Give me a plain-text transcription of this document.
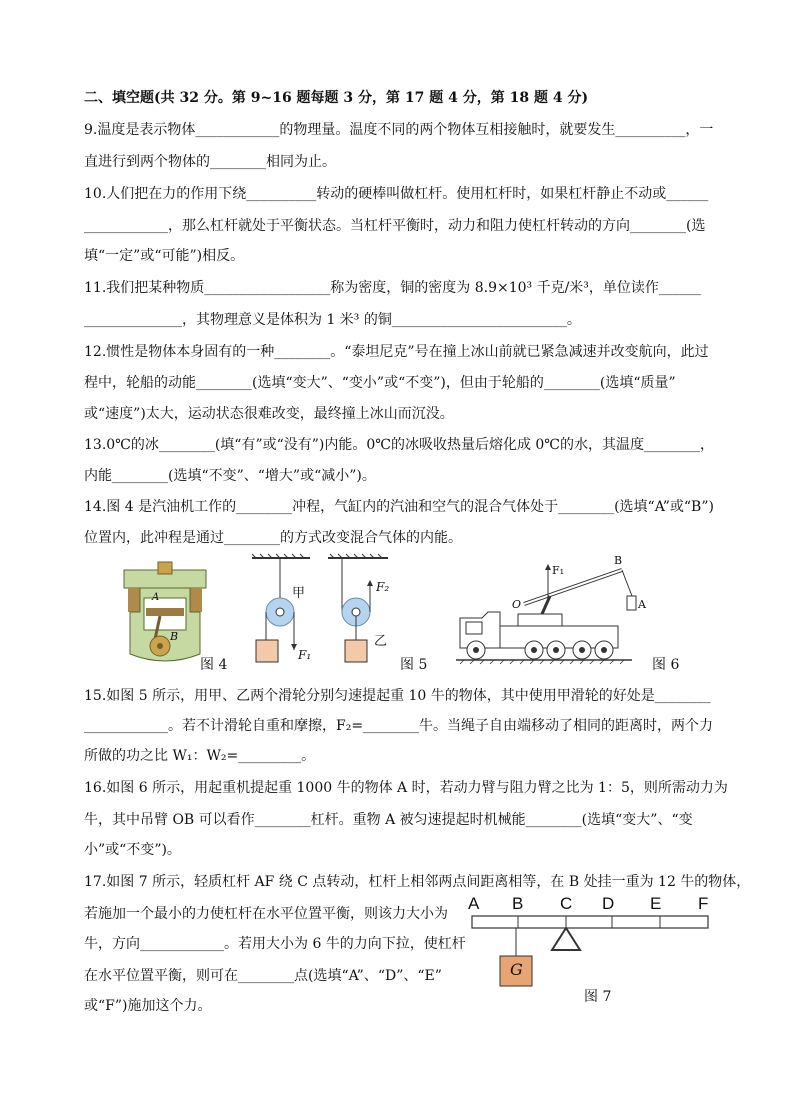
二、填空题(共 32 分。第 9~16 题每题 3 分，第 17 题 4 分，第 18 题 4 分)
9.温度是表示物体____________的物理量。温度不同的两个物体互相接触时，就要发生__________，一
直进行到两个物体的________相同为止。
10.人们把在力的作用下绕__________转动的硬棒叫做杠杆。使用杠杆时，如果杠杆静止不动或______
____________，那么杠杆就处于平衡状态。当杠杆平衡时，动力和阻力使杠杆转动的方向________(选
填“一定”或“可能”)相反。
11.我们把某种物质__________________称为密度，铜的密度为 8.9×10³ 千克/米³，单位读作______
______________，其物理意义是体积为 1 米³ 的铜_________________________。
12.惯性是物体本身固有的一种________。“泰坦尼克”号在撞上冰山前就已紧急减速并改变航向，此过
程中，轮船的动能________(选填“变大”、“变小”或“不变”)，但由于轮船的________(选填“质量”
或“速度”)太大，运动状态很难改变，最终撞上冰山而沉没。
13.0℃的冰________(填“有”或“没有”)内能。0℃的冰吸收热量后熔化成 0℃的水，其温度________，
内能________(选填“不变”、“增大”或“减小”)。
14.图 4 是汽油机工作的________冲程，气缸内的汽油和空气的混合气体处于________(选填“A”或“B”)
位置内，此冲程是通过________的方式改变混合气体的内能。
A
B
图 4
甲
乙
F₁
F₂
图 5
F₁
B
O	A
图 6
15.如图 5 所示，用甲、乙两个滑轮分别匀速提起重 10 牛的物体，其中使用甲滑轮的好处是________
____________。若不计滑轮自重和摩擦，F₂=________牛。当绳子自由端移动了相同的距离时，两个力
所做的功之比 W₁：W₂=_________。
16.如图 6 所示，用起重机提起重 1000 牛的物体 A 时，若动力臂与阻力臂之比为 1：5，则所需动力为
牛，其中吊臂 OB 可以看作________杠杆。重物 A 被匀速提起时机械能________(选填“变大”、“变
小”或“不变”)。
17.如图 7 所示，轻质杠杆 AF 绕 C 点转动，杠杆上相邻两点间距离相等，在 B 处挂一重为 12 牛的物体，
若施加一个最小的力使杠杆在水平位置平衡，则该力大小为
牛，方向____________。若用大小为 6 牛的力向下拉，使杠杆
在水平位置平衡，则可在________点(选填“A”、“D”、“E”
或“F”)施加这个力。
A B C D E F
G
图 7
